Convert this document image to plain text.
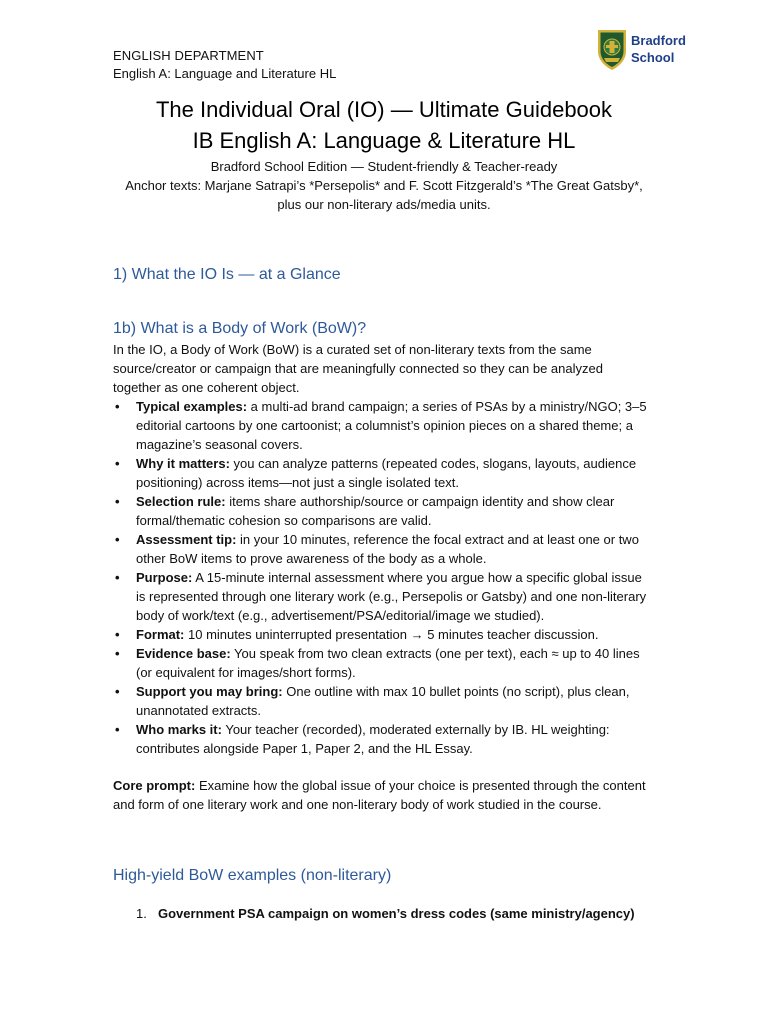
ENGLISH DEPARTMENT
English A: Language and Literature HL
Bradford
School
The Individual Oral (IO) — Ultimate Guidebook
IB English A: Language & Literature HL
Bradford School Edition — Student-friendly & Teacher-ready
Anchor texts: Marjane Satrapi’s *Persepolis* and F. Scott Fitzgerald’s *The Great Gatsby*, plus our non-literary ads/media units.
1) What the IO Is — at a Glance
1b) What is a Body of Work (BoW)?
In the IO, a Body of Work (BoW) is a curated set of non-literary texts from the same source/creator or campaign that are meaningfully connected so they can be analyzed together as one coherent object.
• Typical examples: a multi-ad brand campaign; a series of PSAs by a ministry/NGO; 3–5 editorial cartoons by one cartoonist; a columnist’s opinion pieces on a shared theme; a magazine’s seasonal covers.
• Why it matters: you can analyze patterns (repeated codes, slogans, layouts, audience positioning) across items—not just a single isolated text.
• Selection rule: items share authorship/source or campaign identity and show clear formal/thematic cohesion so comparisons are valid.
• Assessment tip: in your 10 minutes, reference the focal extract and at least one or two other BoW items to prove awareness of the body as a whole.
• Purpose: A 15-minute internal assessment where you argue how a specific global issue is represented through one literary work (e.g., Persepolis or Gatsby) and one non-literary body of work/text (e.g., advertisement/PSA/editorial/image we studied).
• Format: 10 minutes uninterrupted presentation → 5 minutes teacher discussion.
• Evidence base: You speak from two clean extracts (one per text), each ≈ up to 40 lines (or equivalent for images/short forms).
• Support you may bring: One outline with max 10 bullet points (no script), plus clean, unannotated extracts.
• Who marks it: Your teacher (recorded), moderated externally by IB. HL weighting: contributes alongside Paper 1, Paper 2, and the HL Essay.
Core prompt: Examine how the global issue of your choice is presented through the content and form of one literary work and one non-literary body of work studied in the course.
High-yield BoW examples (non-literary)
1. Government PSA campaign on women’s dress codes (same ministry/agency)
